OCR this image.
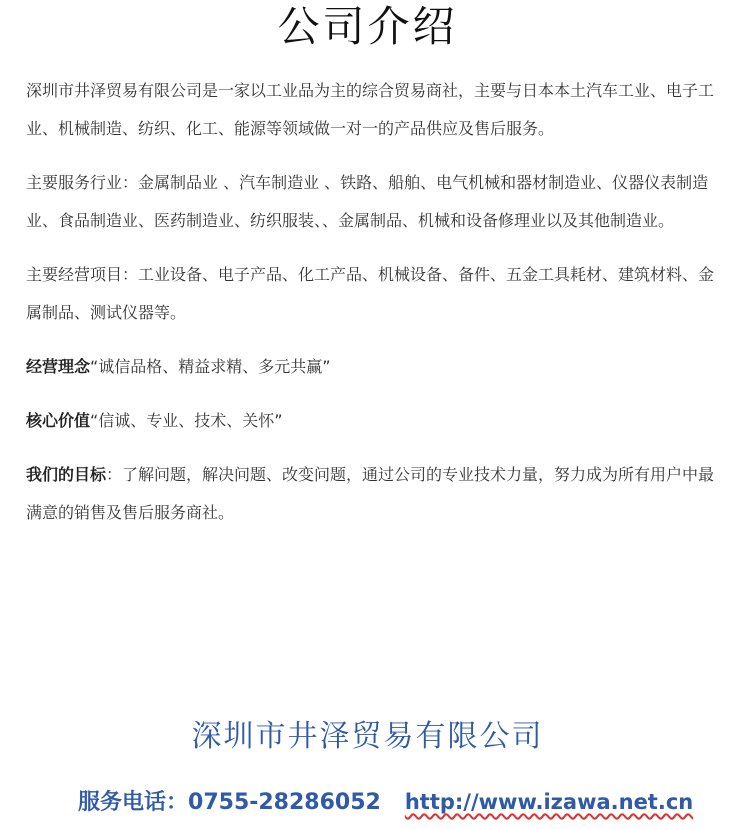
公司介绍

深圳市井泽贸易有限公司是一家以工业品为主的综合贸易商社，主要与日本本土汽车工业、电子工业、机械制造、纺织、化工、能源等领域做一对一的产品供应及售后服务。

主要服务行业：金属制品业 、汽车制造业 、铁路、船舶、电气机械和器材制造业、仪器仪表制造业、食品制造业、医药制造业、纺织服装、、金属制品、机械和设备修理业以及其他制造业。

主要经营项目：工业设备、电子产品、化工产品、机械设备、备件、五金工具耗材、建筑材料、金属制品、测试仪器等。

经营理念“诚信品格、精益求精、多元共赢”

核心价值“信诚、专业、技术、关怀”

我们的目标：了解问题，解决问题、改变问题，通过公司的专业技术力量，努力成为所有用户中最满意的销售及售后服务商社。

深圳市井泽贸易有限公司
服务电话：0755-28286052 http://www.izawa.net.cn
